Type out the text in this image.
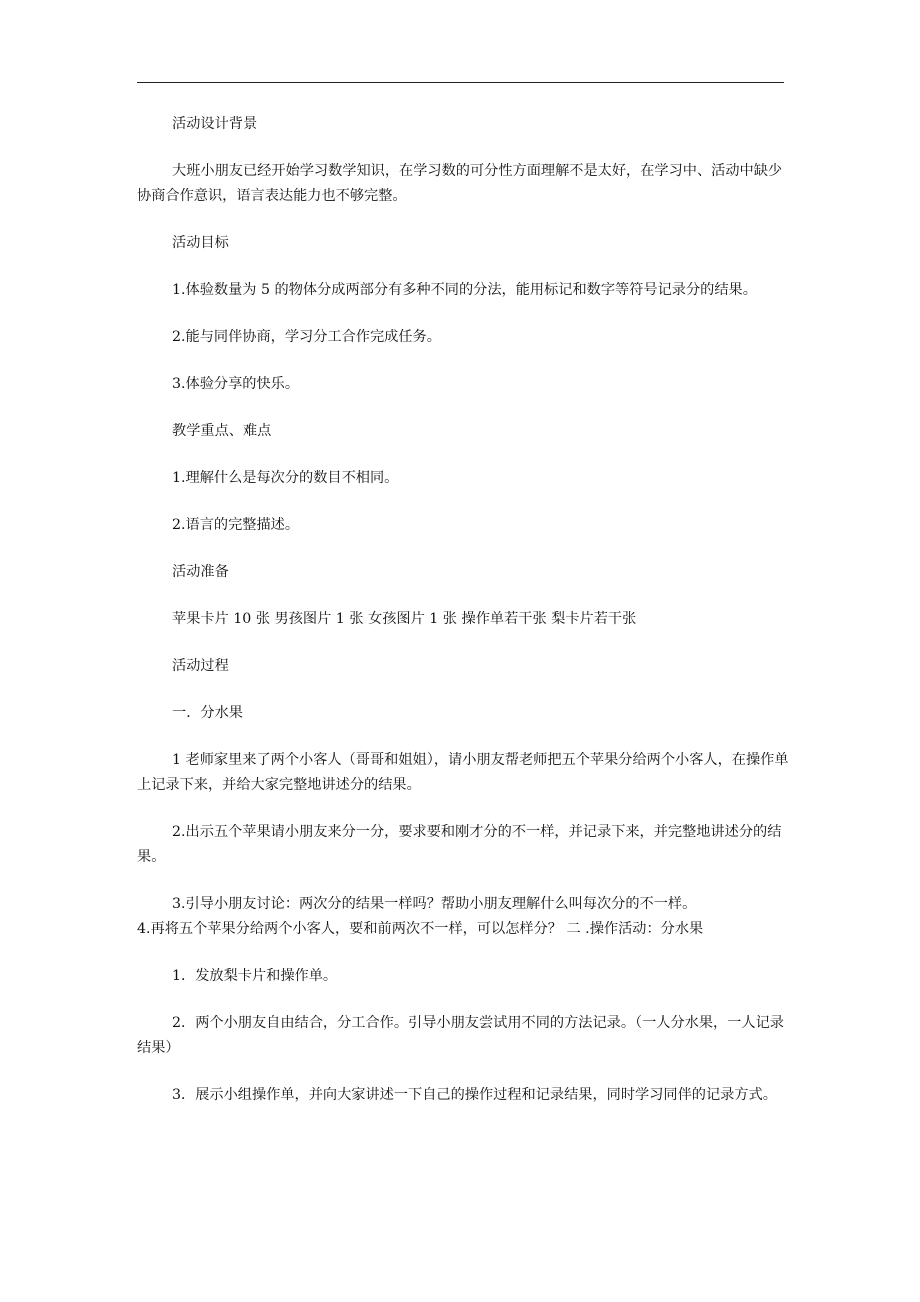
活动设计背景

大班小朋友已经开始学习数学知识，在学习数的可分性方面理解不是太好，在学习中、活动中缺少协商合作意识，语言表达能力也不够完整。

活动目标

1.体验数量为 5 的物体分成两部分有多种不同的分法，能用标记和数字等符号记录分的结果。

2.能与同伴协商，学习分工合作完成任务。

3.体验分享的快乐。

教学重点、难点

1.理解什么是每次分的数目不相同。

2.语言的完整描述。

活动准备

苹果卡片 10 张 男孩图片 1 张 女孩图片 1 张 操作单若干张 梨卡片若干张

活动过程

一．分水果

1 老师家里来了两个小客人（哥哥和姐姐），请小朋友帮老师把五个苹果分给两个小客人，在操作单上记录下来，并给大家完整地讲述分的结果。

2.出示五个苹果请小朋友来分一分，要求要和刚才分的不一样，并记录下来，并完整地讲述分的结果。

3.引导小朋友讨论：两次分的结果一样吗？帮助小朋友理解什么叫每次分的不一样。

4.再将五个苹果分给两个小客人，要和前两次不一样，可以怎样分？ 二 .操作活动：分水果

1．发放梨卡片和操作单。

2．两个小朋友自由结合，分工合作。引导小朋友尝试用不同的方法记录。（一人分水果，一人记录结果）

3．展示小组操作单，并向大家讲述一下自己的操作过程和记录结果，同时学习同伴的记录方式。
